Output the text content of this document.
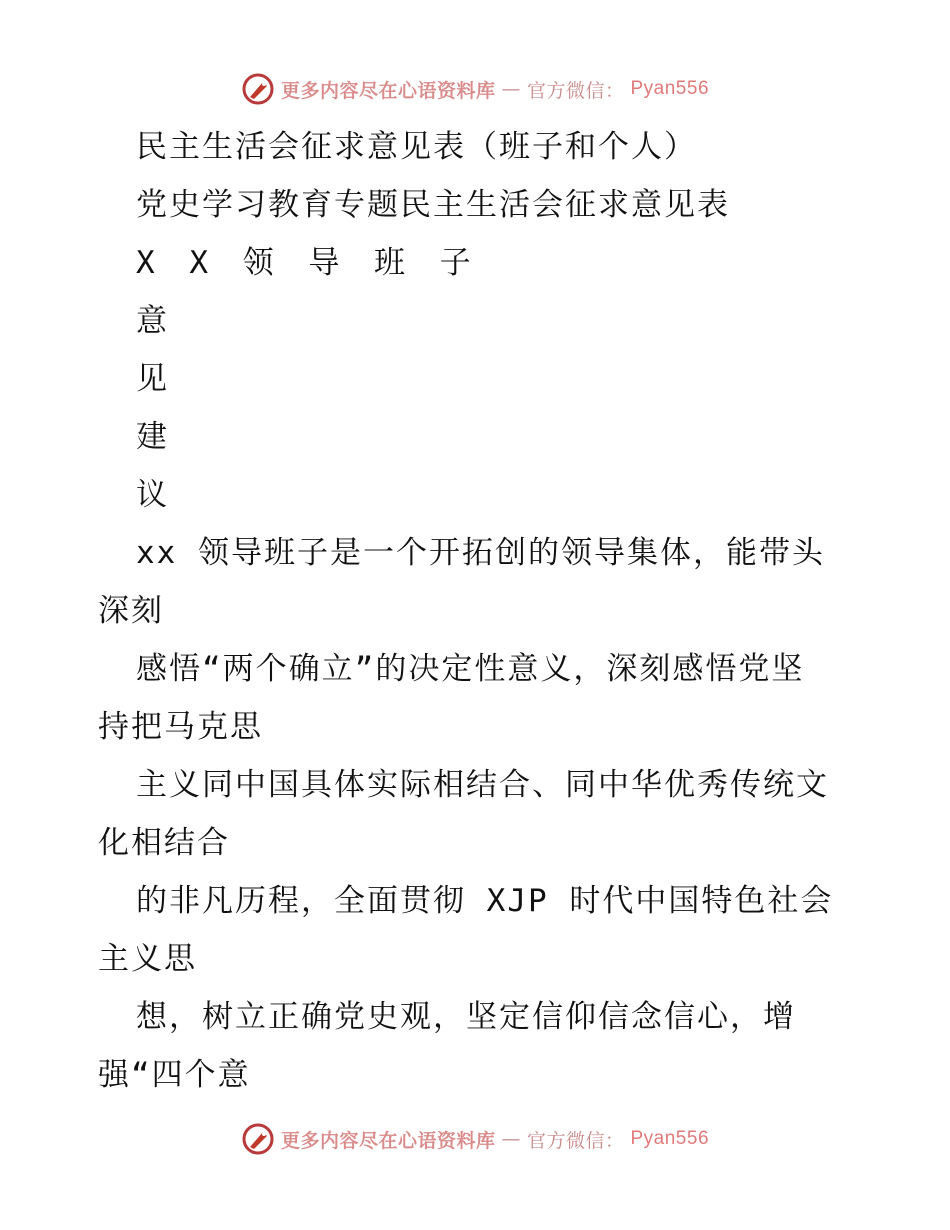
更多内容尽在心语资料库 — 官方微信： Pyan556
民主生活会征求意见表（班子和个人）
党史学习教育专题民主生活会征求意见表
X X 领 导 班 子
意
见
建
议
xx 领导班子是一个开拓创的领导集体，能带头
深刻
感悟“两个确立”的决定性意义，深刻感悟党坚
持把马克思
主义同中国具体实际相结合、同中华优秀传统文
化相结合
的非凡历程，全面贯彻 XJP 时代中国特色社会
主义思
想，树立正确党史观，坚定信仰信念信心，增
强“四个意
更多内容尽在心语资料库 — 官方微信： Pyan556
